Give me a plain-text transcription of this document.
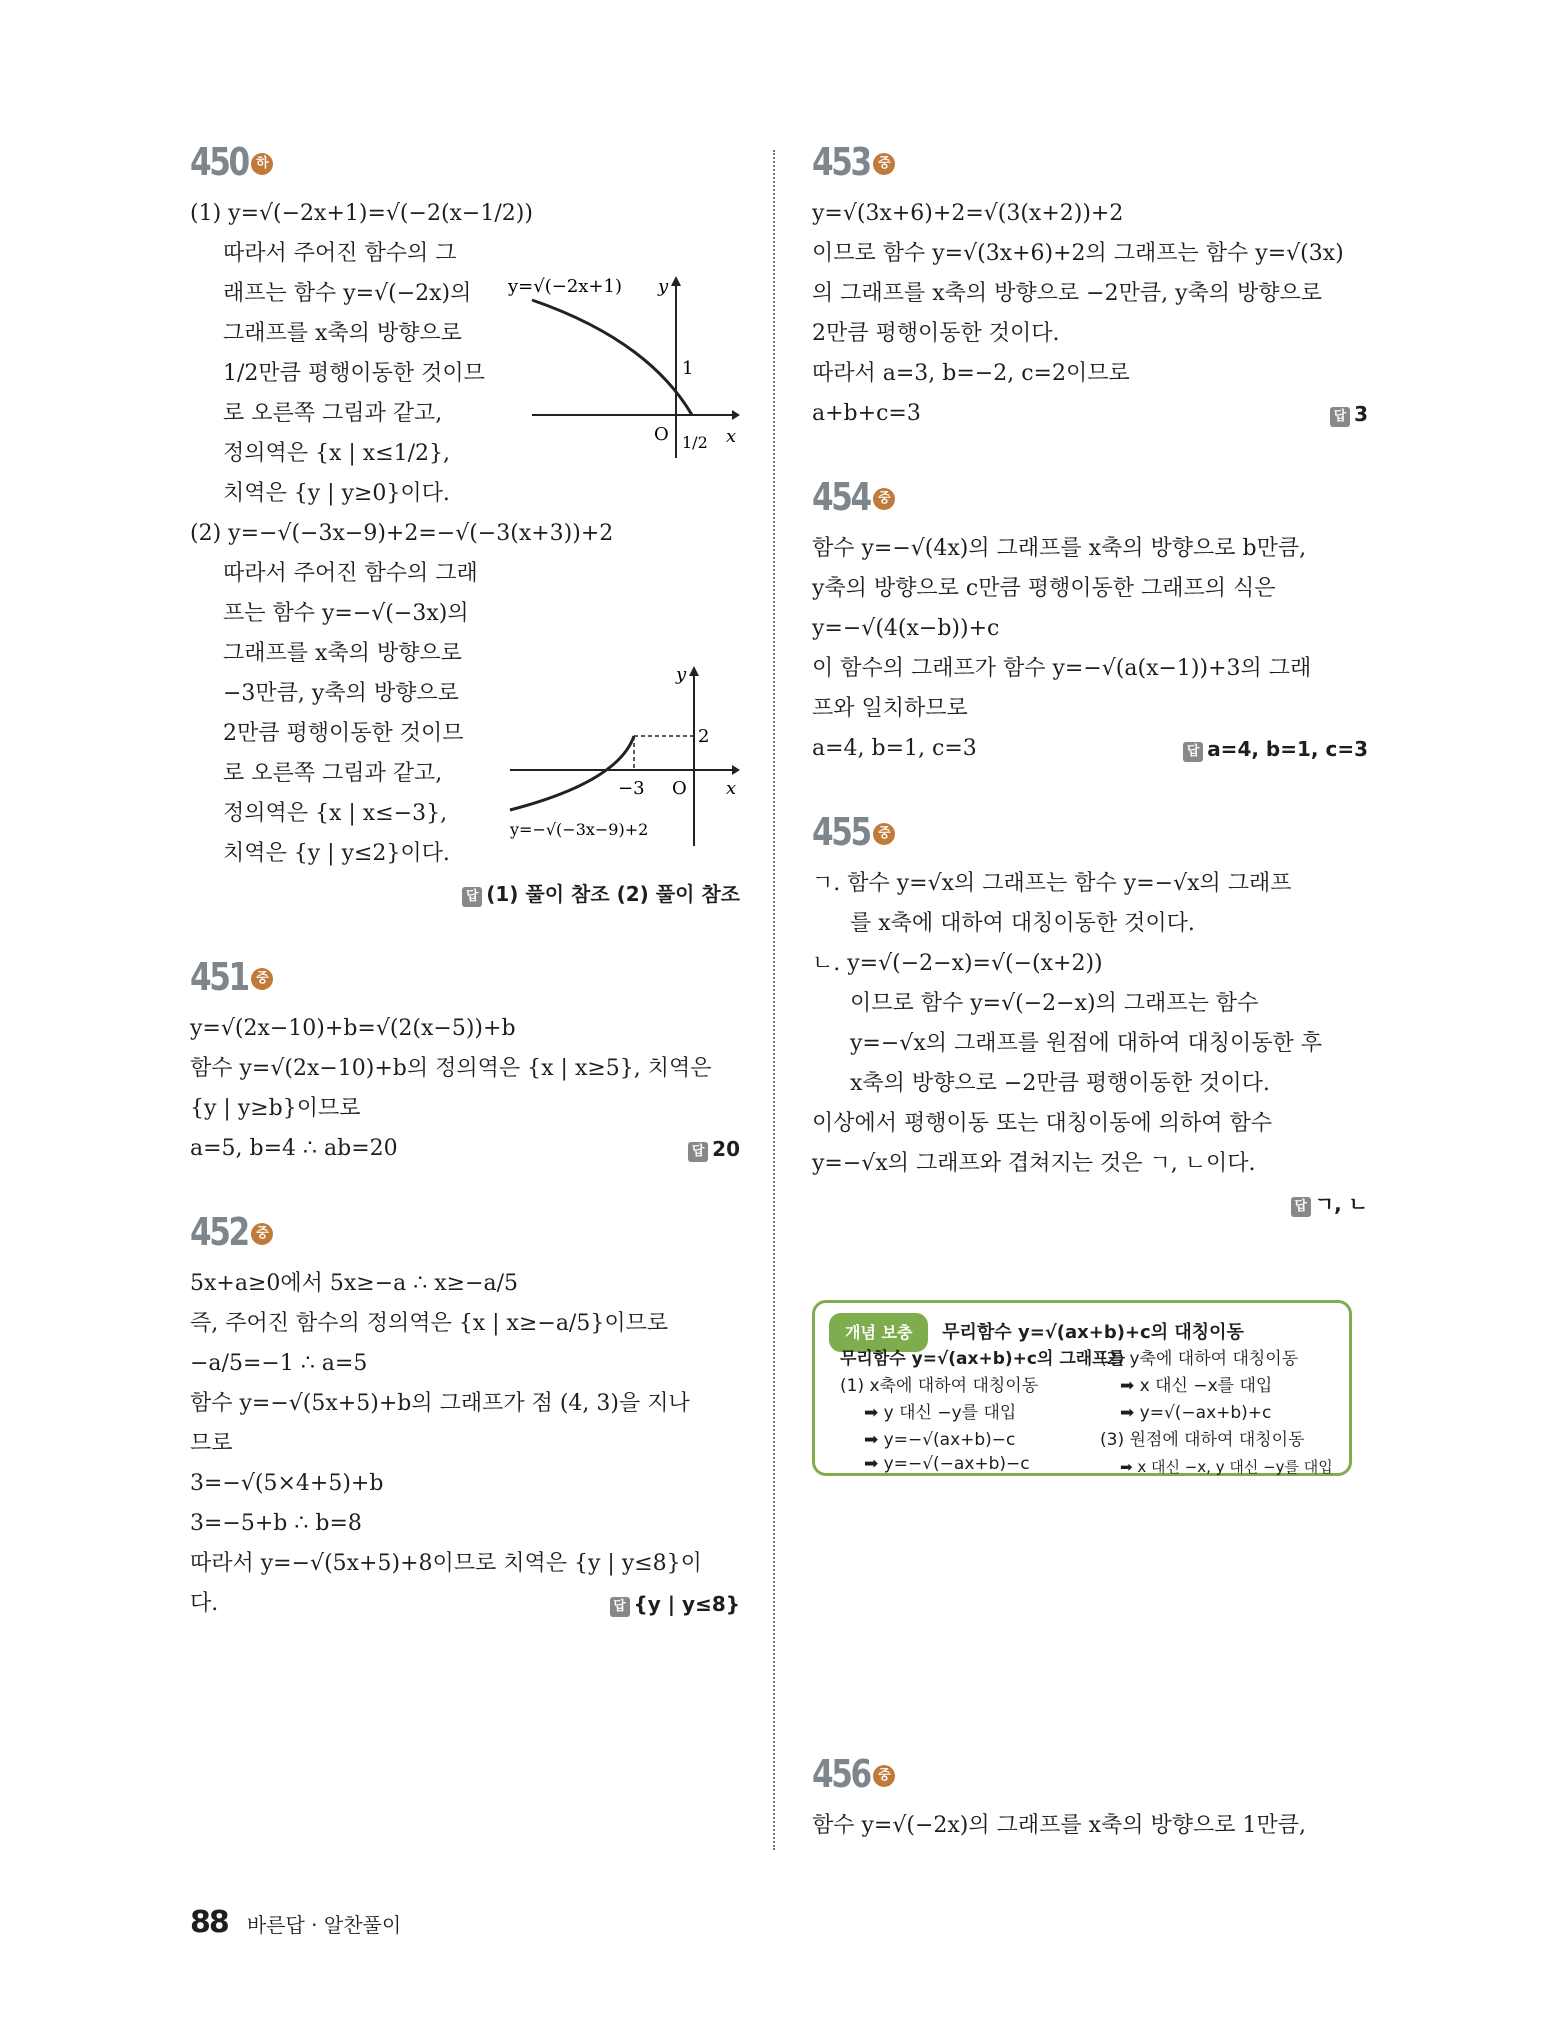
450 하
(1) y=√(−2x+1)=√(−2(x−1/2))
따라서 주어진 함수의 그
래프는 함수 y=√(−2x)의
그래프를 x축의 방향으로
1/2만큼 평행이동한 것이므
로 오른쪽 그림과 같고,
정의역은 {x | x≤1/2},
치역은 {y | y≥0}이다.
(2) y=−√(−3x−9)+2=−√(−3(x+3))+2
따라서 주어진 함수의 그래
프는 함수 y=−√(−3x)의
그래프를 x축의 방향으로
−3만큼, y축의 방향으로
2만큼 평행이동한 것이므
로 오른쪽 그림과 같고,
정의역은 {x | x≤−3},
치역은 {y | y≤2}이다.
답 (1) 풀이 참조 (2) 풀이 참조
451 중
y=√(2x−10)+b=√(2(x−5))+b
함수 y=√(2x−10)+b의 정의역은 {x | x≥5}, 치역은
{y | y≥b}이므로
a=5, b=4 ∴ ab=20	답 20
452 중
5x+a≥0에서 5x≥−a ∴ x≥−a/5
즉, 주어진 함수의 정의역은 {x | x≥−a/5}이므로
−a/5=−1 ∴ a=5
함수 y=−√(5x+5)+b의 그래프가 점 (4, 3)을 지나
므로
3=−√(5×4+5)+b
3=−5+b ∴ b=8
따라서 y=−√(5x+5)+8이므로 치역은 {y | y≤8}이
다.	답 {y | y≤8}
y=√(−2x+1) y
x
O
1
1/2
y
x
O
2
−3
y=−√(−3x−9)+2
453 중
y=√(3x+6)+2=√(3(x+2))+2
이므로 함수 y=√(3x+6)+2의 그래프는 함수 y=√(3x)
의 그래프를 x축의 방향으로 −2만큼, y축의 방향으로
2만큼 평행이동한 것이다.
따라서 a=3, b=−2, c=2이므로
a+b+c=3	답 3
454 중
함수 y=−√(4x)의 그래프를 x축의 방향으로 b만큼,
y축의 방향으로 c만큼 평행이동한 그래프의 식은
y=−√(4(x−b))+c
이 함수의 그래프가 함수 y=−√(a(x−1))+3의 그래
프와 일치하므로
a=4, b=1, c=3	답 a=4, b=1, c=3
455 중
ㄱ. 함수 y=√x의 그래프는 함수 y=−√x의 그래프
를 x축에 대하여 대칭이동한 것이다.
ㄴ. y=√(−2−x)=√(−(x+2))
이므로 함수 y=√(−2−x)의 그래프는 함수
y=−√x의 그래프를 원점에 대하여 대칭이동한 후
x축의 방향으로 −2만큼 평행이동한 것이다.
이상에서 평행이동 또는 대칭이동에 의하여 함수
y=−√x의 그래프와 겹쳐지는 것은 ㄱ, ㄴ이다.
답 ㄱ, ㄴ
개념 보충 무리함수 y=√(ax+b)+c의 대칭이동
무리함수 y=√(ax+b)+c의 그래프를
(1) x축에 대하여 대칭이동
➡ y 대신 −y를 대입
➡ y=−√(ax+b)−c
(2) y축에 대하여 대칭이동
➡ x 대신 −x를 대입
➡ y=√(−ax+b)+c
(3) 원점에 대하여 대칭이동
➡ x 대신 −x, y 대신 −y를 대입
➡ y=−√(−ax+b)−c
456 중
함수 y=√(−2x)의 그래프를 x축의 방향으로 1만큼,
88 바른답 · 알찬풀이
